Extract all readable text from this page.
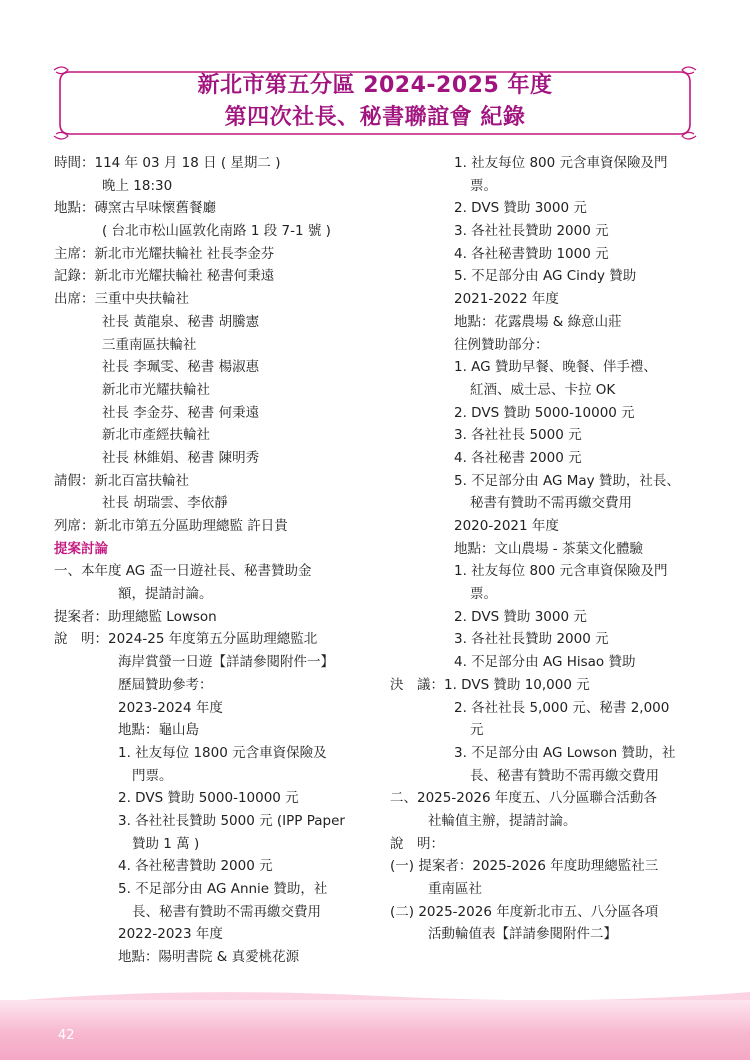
新北市第五分區 2024-2025 年度
第四次社長、秘書聯誼會 紀錄
時間：114 年 03 月 18 日 ( 星期二 )
晚上 18:30
地點：磚窯古早味懷舊餐廳
( 台北市松山區敦化南路 1 段 7-1 號 )
主席：新北市光耀扶輪社 社長李金芬
記錄：新北市光耀扶輪社 秘書何秉遠
出席：三重中央扶輪社
社長 黃龍泉、秘書 胡騰憲
三重南區扶輪社
社長 李珮雯、秘書 楊淑惠
新北市光耀扶輪社
社長 李金芬、秘書 何秉遠
新北市產經扶輪社
社長 林維娟、秘書 陳明秀
請假：新北百富扶輪社
社長 胡瑞雲、李依靜
列席：新北市第五分區助理總監 許日貴
提案討論
一、本年度 AG 盃一日遊社長、秘書贊助金
額，提請討論。
提案者：助理總監 Lowson
說　明：2024-25 年度第五分區助理總監北
海岸賞螢一日遊【詳請參閱附件一】
歷屆贊助參考：
2023-2024 年度
地點：龜山島
1. 社友每位 1800 元含車資保險及
門票。
2. DVS 贊助 5000-10000 元
3. 各社社長贊助 5000 元 (IPP Paper
贊助 1 萬 )
4. 各社秘書贊助 2000 元
5. 不足部分由 AG Annie 贊助，社
長、秘書有贊助不需再繳交費用
2022-2023 年度
地點：陽明書院 & 真愛桃花源
1. 社友每位 800 元含車資保險及門
票。
2. DVS 贊助 3000 元
3. 各社社長贊助 2000 元
4. 各社秘書贊助 1000 元
5. 不足部分由 AG Cindy 贊助
2021-2022 年度
地點：花露農場 & 綠意山莊
往例贊助部分：
1. AG 贊助早餐、晚餐、伴手禮、
紅酒、威士忌、卡拉 OK
2. DVS 贊助 5000-10000 元
3. 各社社長 5000 元
4. 各社秘書 2000 元
5. 不足部分由 AG May 贊助，社長、
秘書有贊助不需再繳交費用
2020-2021 年度
地點：文山農場 - 茶葉文化體驗
1. 社友每位 800 元含車資保險及門
票。
2. DVS 贊助 3000 元
3. 各社社長贊助 2000 元
4. 不足部分由 AG Hisao 贊助
決　議：1. DVS 贊助 10,000 元
2. 各社社長 5,000 元、秘書 2,000
元
3. 不足部分由 AG Lowson 贊助，社
長、秘書有贊助不需再繳交費用
二、2025-2026 年度五、八分區聯合活動各
社輪值主辦，提請討論。
說　明：
(一) 提案者：2025-2026 年度助理總監社三
重南區社
(二) 2025-2026 年度新北市五、八分區各項
活動輪值表【詳請參閱附件二】
42
